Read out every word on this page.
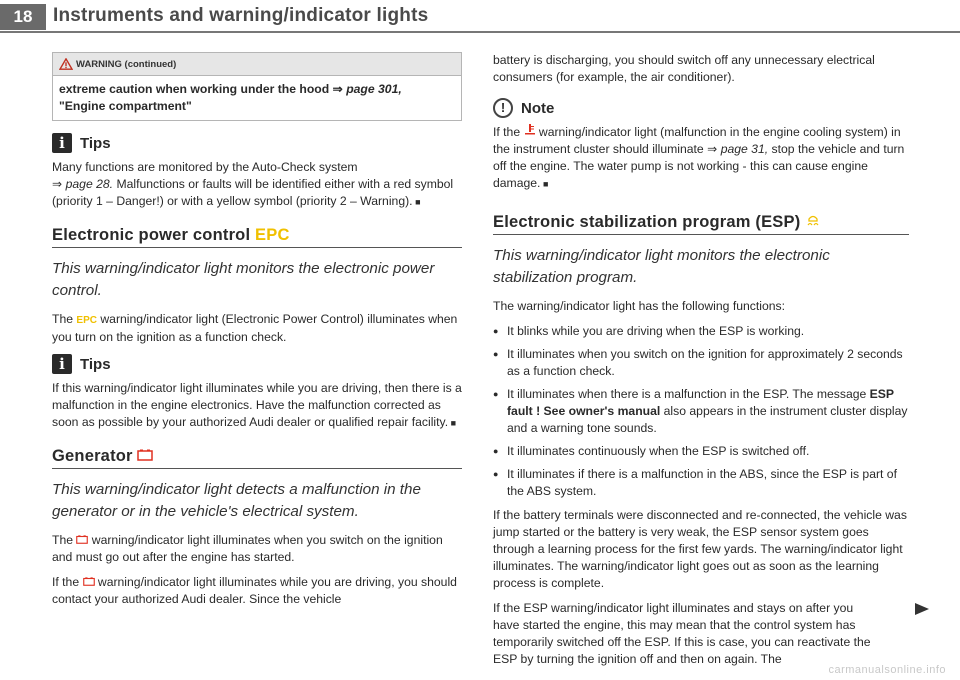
18	Instruments and warning/indicator lights
WARNING (continued)
extreme caution when working under the hood ⇒ page 301,
"Engine compartment"
i	Tips

Many functions are monitored by the Auto-Check system
⇒ page 28. Malfunctions or faults will be identified either with a red symbol (priority 1 – Danger!) or with a yellow symbol (priority 2 – Warning). ■

Electronic power control EPC
This warning/indicator light monitors the electronic power control.

The EPC warning/indicator light (Electronic Power Control) illuminates when you turn on the ignition as a function check.

i	Tips

If this warning/indicator light illuminates while you are driving, then there is a malfunction in the engine electronics. Have the malfunction corrected as soon as possible by your authorized Audi dealer or qualified repair facility. ■

Generator
This warning/indicator light detects a malfunction in the generator or in the vehicle's electrical system.

The warning/indicator light illuminates when you switch on the ignition and must go out after the engine has started.

If the warning/indicator light illuminates while you are driving, you should contact your authorized Audi dealer. Since the vehicle

battery is discharging, you should switch off any unnecessary electrical consumers (for example, the air conditioner).

!	Note

If the warning/indicator light (malfunction in the engine cooling system) in the instrument cluster should illuminate ⇒ page 31, stop the vehicle and turn off the engine. The water pump is not working - this can cause engine damage. ■

Electronic stabilization program (ESP)
This warning/indicator light monitors the electronic stabilization program.

The warning/indicator light has the following functions:

● It blinks while you are driving when the ESP is working.
● It illuminates when you switch on the ignition for approximately 2 seconds as a function check.
● It illuminates when there is a malfunction in the ESP. The message ESP fault ! See owner's manual also appears in the instrument cluster display and a warning tone sounds.
● It illuminates continuously when the ESP is switched off.
● It illuminates if there is a malfunction in the ABS, since the ESP is part of the ABS system.

If the battery terminals were disconnected and re-connected, the vehicle was jump started or the battery is very weak, the ESP sensor system goes through a learning process for the first few yards. The warning/indicator light illuminates. The warning/indicator light goes out as soon as the learning process is complete.

If the ESP warning/indicator light illuminates and stays on after you have started the engine, this may mean that the control system has temporarily switched off the ESP. If this is case, you can reactivate the ESP by turning the ignition off and then on again. The

carmanualsonline.info
